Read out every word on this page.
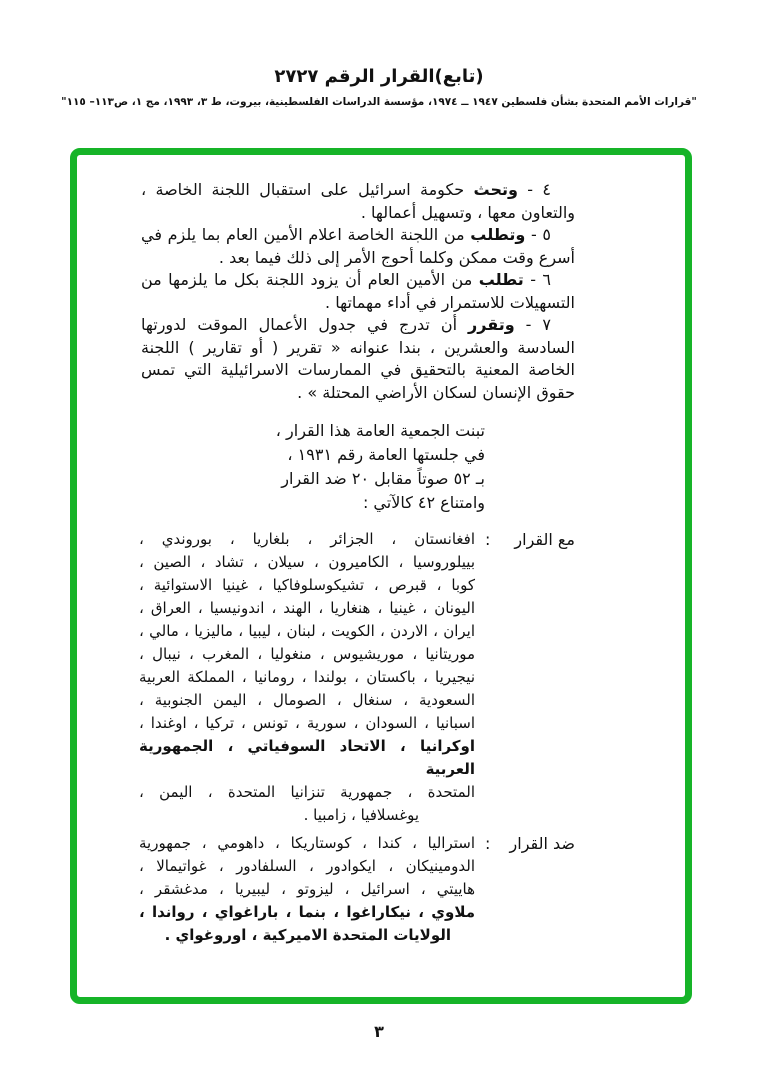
(تابع)القرار الرقم ٢٧٢٧
"قرارات الأمم المتحدة بشأن فلسطين ١٩٤٧ ــ ١٩٧٤، مؤسسة الدراسات الفلسطينية، بيروت، ط ٣، ١٩٩٣، مج ١، ص١١٣– ١١٥"

٤ - وتحث حكومة اسرائيل على استقبال اللجنة الخاصة ، والتعاون معها ، وتسهيل أعمالها .

٥ - وتطلب من اللجنة الخاصة اعلام الأمين العام بما يلزم في أسرع وقت ممكن وكلما أحوج الأمر إلى ذلك فيما بعد .

٦ - تطلب من الأمين العام أن يزود اللجنة بكل ما يلزمها من التسهيلات للاستمرار في أداء مهماتها .

٧ - وتقرر أن تدرج في جدول الأعمال الموقت لدورتها السادسة والعشرين ، بندا عنوانه « تقرير ( أو تقارير ) اللجنة الخاصة المعنية بالتحقيق في الممارسات الاسرائيلية التي تمس حقوق الإنسان لسكان الأراضي المحتلة » .

تبنت الجمعية العامة هذا القرار ،
في جلستها العامة رقم ١٩٣١ ،
بـ ٥٢ صوتاً مقابل ٢٠ ضد القرار
وامتناع ٤٢ كالآتي :
مع القرار
:
افغانستان ، الجزائر ، بلغاريا ، بوروندي ،
بييلوروسيا ، الكاميرون ، سيلان ، تشاد ، الصين ،
كوبا ، قبرص ، تشيكوسلوفاكيا ، غينيا الاستوائية ،
اليونان ، غينيا ، هنغاريا ، الهند ، اندونيسيا ، العراق ،
ايران ، الاردن ، الكويت ، لبنان ، ليبيا ، ماليزيا ، مالي ،
موريتانيا ، موريشيوس ، منغوليا ، المغرب ، نيبال ،
نيجيريا ، باكستان ، بولندا ، رومانيا ، المملكة العربية
السعودية ، سنغال ، الصومال ، اليمن الجنوبية ،
اسبانيا ، السودان ، سورية ، تونس ، تركيا ، اوغندا ،
اوكرانيا ، الاتحاد السوفياتي ، الجمهورية العربية
المتحدة ، جمهورية تنزانيا المتحدة ، اليمن ،
يوغسلافيا ، زامبيا .
ضد القرار
:
استراليا ، كندا ، كوستاريكا ، داهومي ، جمهورية
الدومينيكان ، ايكوادور ، السلفادور ، غواتيمالا ،
هاييتي ، اسرائيل ، ليزوتو ، ليبيريا ، مدغشقر ،
ملاوي ، نيكاراغوا ، بنما ، باراغواي ، رواندا ،
الولايات المتحدة الاميركية ، اوروغواي .
٣
